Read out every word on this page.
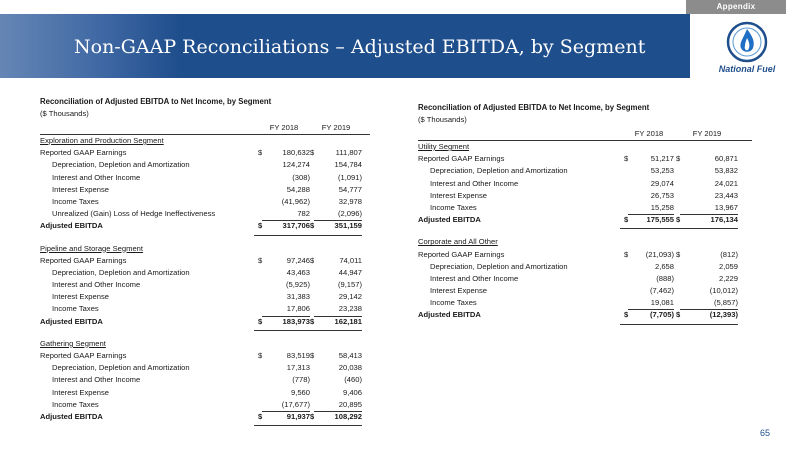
Appendix
Non-GAAP Reconciliations – Adjusted EBITDA, by Segment
National Fuel
Reconciliation of Adjusted EBITDA to Net Income, by Segment
($ Thousands)
FY 2018	FY 2019
Exploration and Production Segment
Reported GAAP Earnings	$	180,632 $	111,807
Depreciation, Depletion and Amortization	124,274	154,784
Interest and Other Income	(308)	(1,091)
Interest Expense	54,288	54,777
Income Taxes	(41,962)	32,978
Unrealized (Gain) Loss of Hedge Ineffectiveness	782	(2,096)
Adjusted EBITDA	$	317,706 $	351,159
Pipeline and Storage Segment
Reported GAAP Earnings	$	97,246 $	74,011
Depreciation, Depletion and Amortization	43,463	44,947
Interest and Other Income	(5,925)	(9,157)
Interest Expense	31,383	29,142
Income Taxes	17,806	23,238
Adjusted EBITDA	$	183,973 $	162,181
Gathering Segment
Reported GAAP Earnings	$	83,519 $	58,413
Depreciation, Depletion and Amortization	17,313	20,038
Interest and Other Income	(778)	(460)
Interest Expense	9,560	9,406
Income Taxes	(17,677)	20,895
Adjusted EBITDA	$	91,937 $	108,292
Reconciliation of Adjusted EBITDA to Net Income, by Segment
($ Thousands)
FY 2018	FY 2019
Utility Segment
Reported GAAP Earnings	$	51,217 $	60,871
Depreciation, Depletion and Amortization	53,253	53,832
Interest and Other Income	29,074	24,021
Interest Expense	26,753	23,443
Income Taxes	15,258	13,967
Adjusted EBITDA	$	175,555 $	176,134
Corporate and All Other
Reported GAAP Earnings	$	(21,093) $	(812)
Depreciation, Depletion and Amortization	2,658	2,059
Interest and Other Income	(888)	2,229
Interest Expense	(7,462)	(10,012)
Income Taxes	19,081	(5,857)
Adjusted EBITDA	$	(7,705) $	(12,393)
65
